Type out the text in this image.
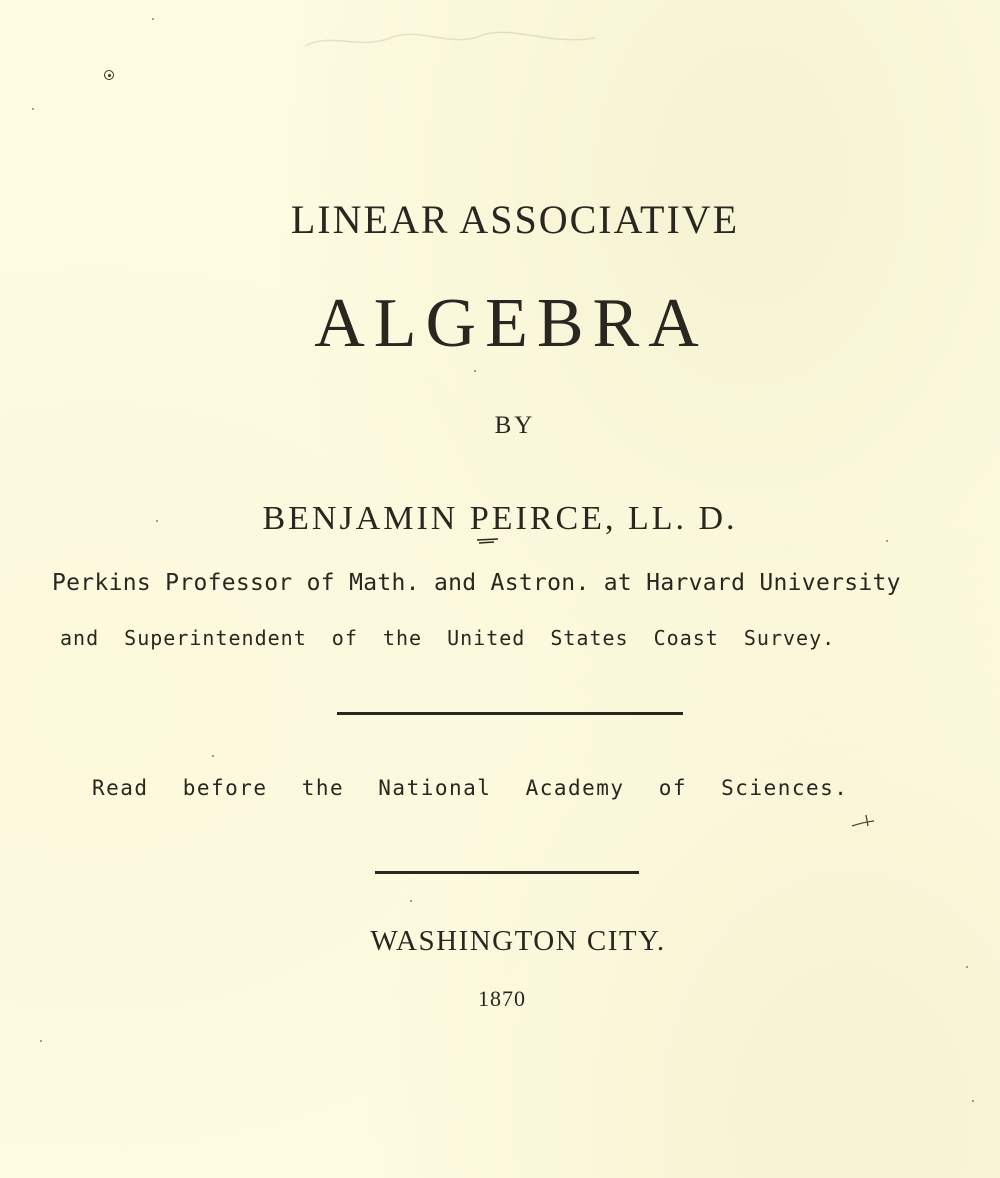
LINEAR ASSOCIATIVE
ALGEBRA
BY
BENJAMIN PEIRCE, LL. D.
Perkins Professor of Math. and Astron. at Harvard University
and Superintendent of the United States Coast Survey.
Read before the National Academy of Sciences.
WASHINGTON CITY.
1870
